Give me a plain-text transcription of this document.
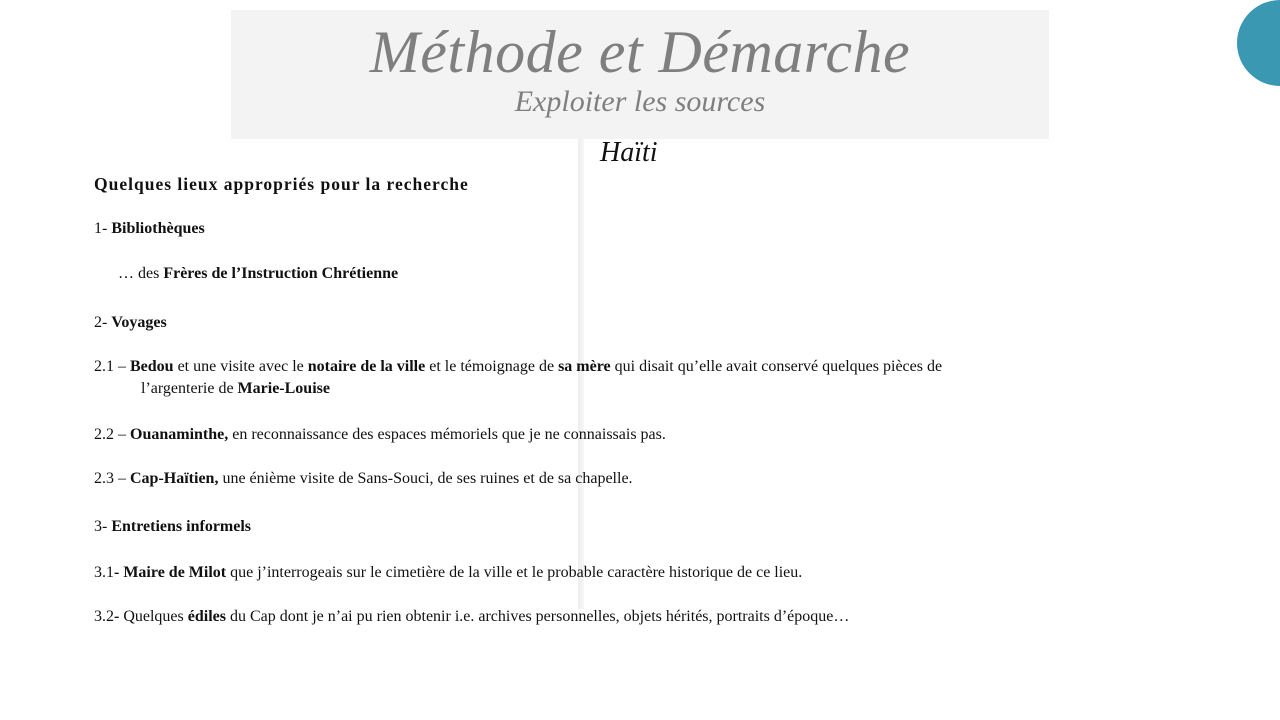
Méthode et Démarche
Exploiter les sources
Haïti
Quelques lieux appropriés pour la recherche
1- Bibliothèques
… des Frères de l’Instruction Chrétienne
2- Voyages
2.1 – Bedou et une visite avec le notaire de la ville et le témoignage de sa mère qui disait qu’elle avait conservé quelques pièces de
l’argenterie de Marie-Louise
2.2 – Ouanaminthe, en reconnaissance des espaces mémoriels que je ne connaissais pas.
2.3 – Cap-Haïtien, une énième visite de Sans-Souci, de ses ruines et de sa chapelle.
3- Entretiens informels
3.1- Maire de Milot que j’interrogeais sur le cimetière de la ville et le probable caractère historique de ce lieu.
3.2- Quelques édiles du Cap dont je n’ai pu rien obtenir i.e. archives personnelles, objets hérités, portraits d’époque…
